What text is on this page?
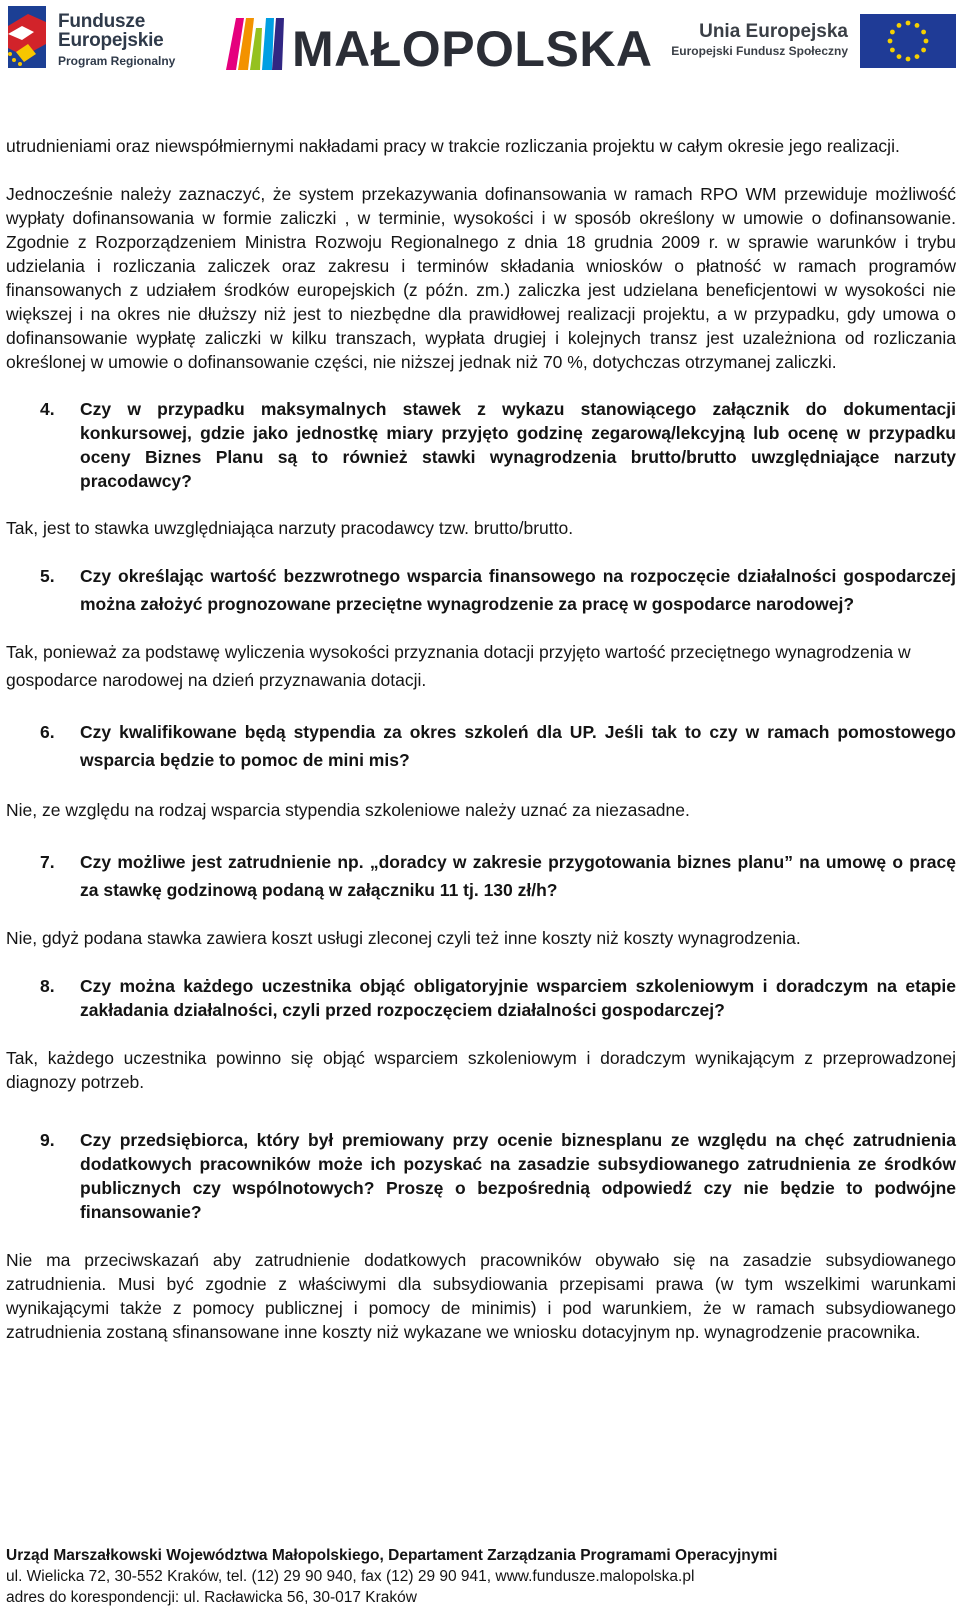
Fundusze
Europejskie
Program Regionalny MAŁOPOLSKA	Unia Europejska
Europejski Fundusz Społeczny

utrudnieniami oraz niewspółmiernymi nakładami pracy w trakcie rozliczania projektu w całym okresie jego realizacji.

Jednocześnie należy zaznaczyć, że system przekazywania dofinansowania w ramach RPO WM przewiduje możliwość wypłaty dofinansowania w formie zaliczki , w terminie, wysokości i w sposób określony w umowie o dofinansowanie. Zgodnie z Rozporządzeniem Ministra Rozwoju Regionalnego z dnia 18 grudnia 2009 r. w sprawie warunków i trybu udzielania i rozliczania zaliczek oraz zakresu i terminów składania wniosków o płatność w ramach programów finansowanych z udziałem środków europejskich (z późn. zm.) zaliczka jest udzielana beneficjentowi w wysokości nie większej i na okres nie dłuższy niż jest to niezbędne dla prawidłowej realizacji projektu, a w przypadku, gdy umowa o dofinansowanie wypłatę zaliczki w kilku transzach, wypłata drugiej i kolejnych transz jest uzależniona od rozliczania określonej w umowie o dofinansowanie części, nie niższej jednak niż 70 %, dotychczas otrzymanej zaliczki.

4. Czy w przypadku maksymalnych stawek z wykazu stanowiącego załącznik do dokumentacji konkursowej, gdzie jako jednostkę miary przyjęto godzinę zegarową/lekcyjną lub ocenę w przypadku oceny Biznes Planu są to również stawki wynagrodzenia brutto/brutto uwzględniające narzuty pracodawcy?

Tak, jest to stawka uwzględniająca narzuty pracodawcy tzw. brutto/brutto.

5. Czy określając wartość bezzwrotnego wsparcia finansowego na rozpoczęcie działalności gospodarczej można założyć prognozowane przeciętne wynagrodzenie za pracę w gospodarce narodowej?

Tak, ponieważ za podstawę wyliczenia wysokości przyznania dotacji przyjęto wartość przeciętnego wynagrodzenia w gospodarce narodowej na dzień przyznawania dotacji.

6. Czy kwalifikowane będą stypendia za okres szkoleń dla UP. Jeśli tak to czy w ramach pomostowego wsparcia będzie to pomoc de mini mis?

Nie, ze względu na rodzaj wsparcia stypendia szkoleniowe należy uznać za niezasadne.

7. Czy możliwe jest zatrudnienie np. „doradcy w zakresie przygotowania biznes planu” na umowę o pracę za stawkę godzinową podaną w załączniku 11 tj. 130 zł/h?

Nie, gdyż podana stawka zawiera koszt usługi zleconej czyli też inne koszty niż koszty wynagrodzenia.

8. Czy można każdego uczestnika objąć obligatoryjnie wsparciem szkoleniowym i doradczym na etapie zakładania działalności, czyli przed rozpoczęciem działalności gospodarczej?

Tak, każdego uczestnika powinno się objąć wsparciem szkoleniowym i doradczym wynikającym z przeprowadzonej diagnozy potrzeb.

9. Czy przedsiębiorca, który był premiowany przy ocenie biznesplanu ze względu na chęć zatrudnienia dodatkowych pracowników może ich pozyskać na zasadzie subsydiowanego zatrudnienia ze środków publicznych czy wspólnotowych? Proszę o bezpośrednią odpowiedź czy nie będzie to podwójne finansowanie?

Nie ma przeciwskazań aby zatrudnienie dodatkowych pracowników obywało się na zasadzie subsydiowanego zatrudnienia. Musi być zgodnie z właściwymi dla subsydiowania przepisami prawa (w tym wszelkimi warunkami wynikającymi także z pomocy publicznej i pomocy de minimis) i pod warunkiem, że w ramach subsydiowanego zatrudnienia zostaną sfinansowane inne koszty niż wykazane we wniosku dotacyjnym np. wynagrodzenie pracownika.

Urząd Marszałkowski Województwa Małopolskiego, Departament Zarządzania Programami Operacyjnymi
ul. Wielicka 72, 30-552 Kraków, tel. (12) 29 90 940, fax (12) 29 90 941, www.fundusze.malopolska.pl
adres do korespondencji: ul. Racławicka 56, 30-017 Kraków
